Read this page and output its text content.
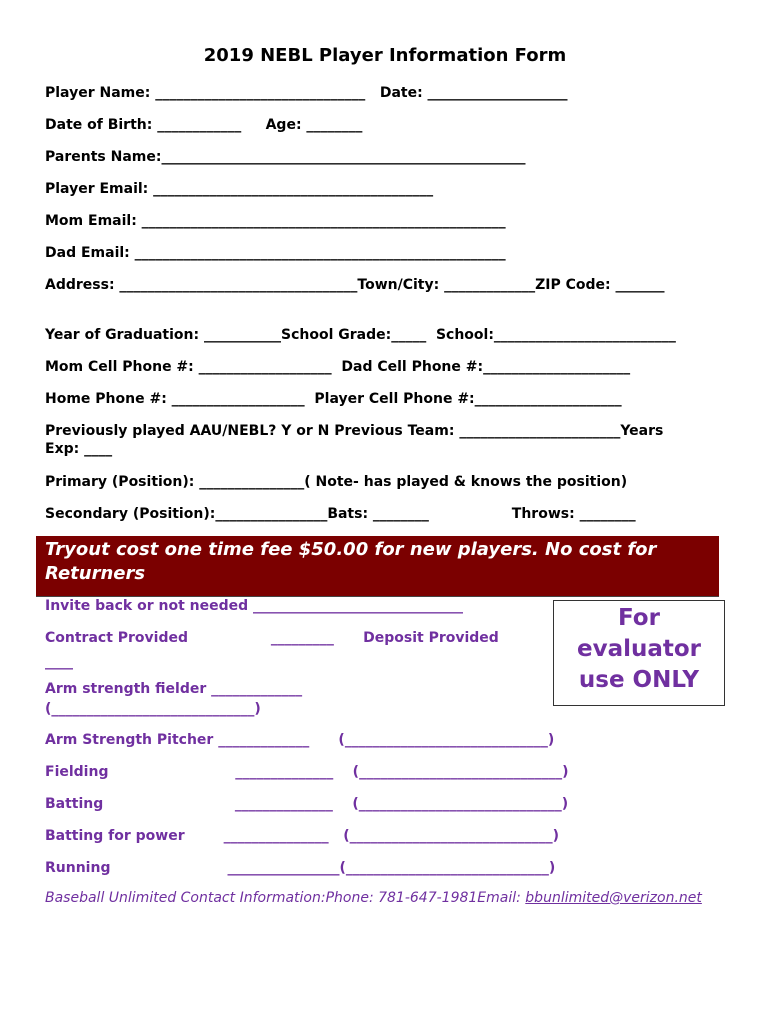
2019 NEBL Player Information Form
Player Name: ______________________________   Date: ____________________
Date of Birth: ____________     Age: ________
Parents Name:____________________________________________________
Player Email: ________________________________________
Mom Email: ____________________________________________________
Dad Email: _____________________________________________________
Address: __________________________________Town/City: _____________ZIP Code: _______
Year of Graduation: ___________School Grade:_____  School:__________________________
Mom Cell Phone #: ___________________  Dad Cell Phone #:_____________________
Home Phone #: ___________________  Player Cell Phone #:_____________________
Previously played AAU/NEBL? Y or N Previous Team: _______________________Years Exp: ____
Primary (Position): _______________( Note- has played & knows the position)
Secondary (Position):________________Bats: ________                 Throws: ________
Tryout cost one time fee $50.00 for new players. No cost for Returners
For
evaluator
use ONLY
Invite back or not needed ______________________________
Contract Provided                 _________      Deposit Provided
____
Arm strength fielder _____________
(_____________________________)
Arm Strength Pitcher _____________      (_____________________________)
Fielding                          ______________    (_____________________________)
Batting                           ______________    (_____________________________)
Batting for power        _______________   (_____________________________)
Running                        ________________(_____________________________)
Baseball Unlimited Contact Information:Phone: 781-647-1981Email: bbunlimited@verizon.net
